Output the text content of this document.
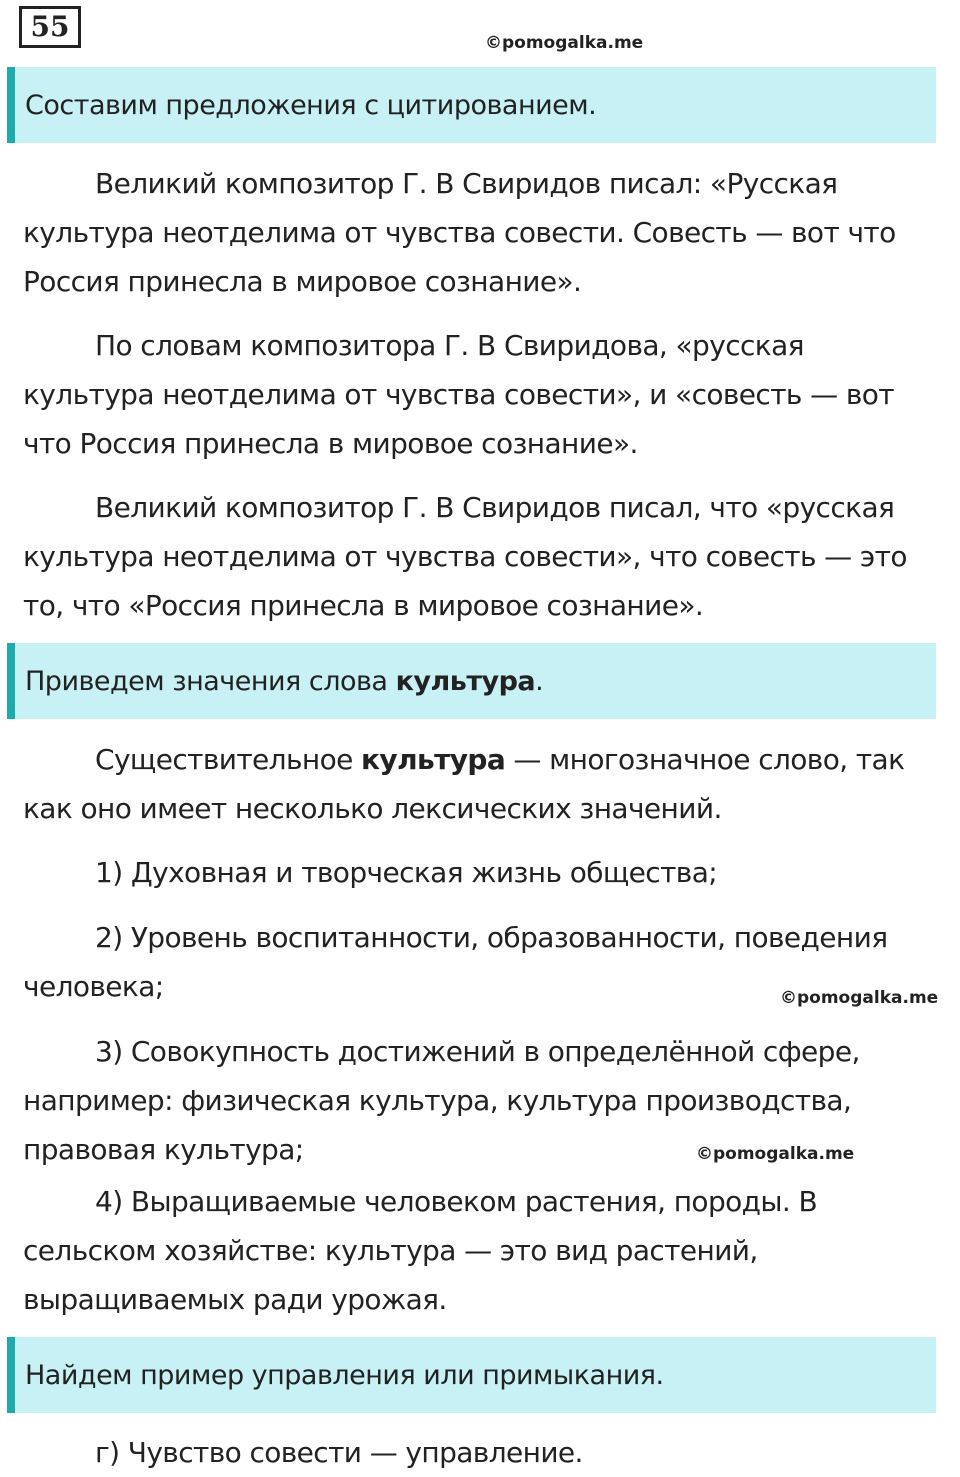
55	©pomogalka.me
Составим предложения с цитированием.
Великий композитор Г. В Свиридов писал: «Русская
культура неотделима от чувства совести. Совесть — вот что
Россия принесла в мировое сознание».
По словам композитора Г. В Свиридова, «русская
культура неотделима от чувства совести», и «совесть — вот
что Россия принесла в мировое сознание».
Великий композитор Г. В Свиридов писал, что «русская
культура неотделима от чувства совести», что совесть — это
то, что «Россия принесла в мировое сознание».
Приведем значения слова культура.
Существительное культура — многозначное слово, так
как оно имеет несколько лексических значений.
1) Духовная и творческая жизнь общества;
2) Уровень воспитанности, образованности, поведения
человека;	©pomogalka.me
3) Совокупность достижений в определённой сфере,
например: физическая культура, культура производства,
правовая культура;	©pomogalka.me
4) Выращиваемые человеком растения, породы. В
сельском хозяйстве: культура — это вид растений,
выращиваемых ради урожая.
Найдем пример управления или примыкания.
г) Чувство совести — управление.
